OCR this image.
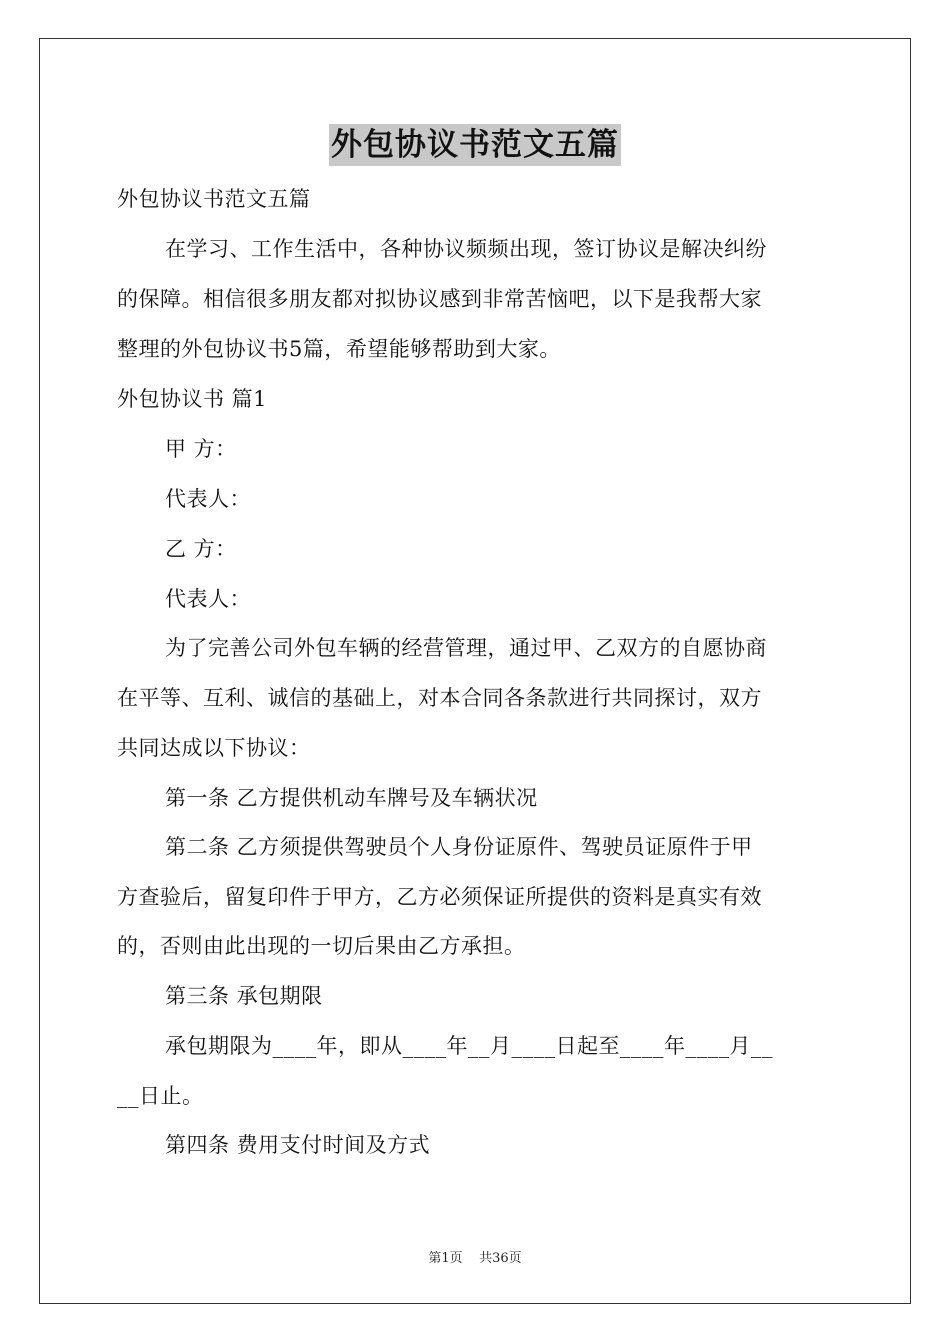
外包协议书范文五篇
外包协议书范文五篇
在学习、工作生活中，各种协议频频出现，签订协议是解决纠纷
的保障。相信很多朋友都对拟协议感到非常苦恼吧，以下是我帮大家
整理的外包协议书5篇，希望能够帮助到大家。
外包协议书 篇1
甲 方：
代表人：
乙 方：
代表人：
为了完善公司外包车辆的经营管理，通过甲、乙双方的自愿协商
在平等、互利、诚信的基础上，对本合同各条款进行共同探讨，双方
共同达成以下协议：
第一条 乙方提供机动车牌号及车辆状况
第二条 乙方须提供驾驶员个人身份证原件、驾驶员证原件于甲
方查验后，留复印件于甲方，乙方必须保证所提供的资料是真实有效
的，否则由此出现的一切后果由乙方承担。
第三条 承包期限
承包期限为____年，即从____年__月____日起至____年____月__
__日止。
第四条 费用支付时间及方式
第1页    共36页
